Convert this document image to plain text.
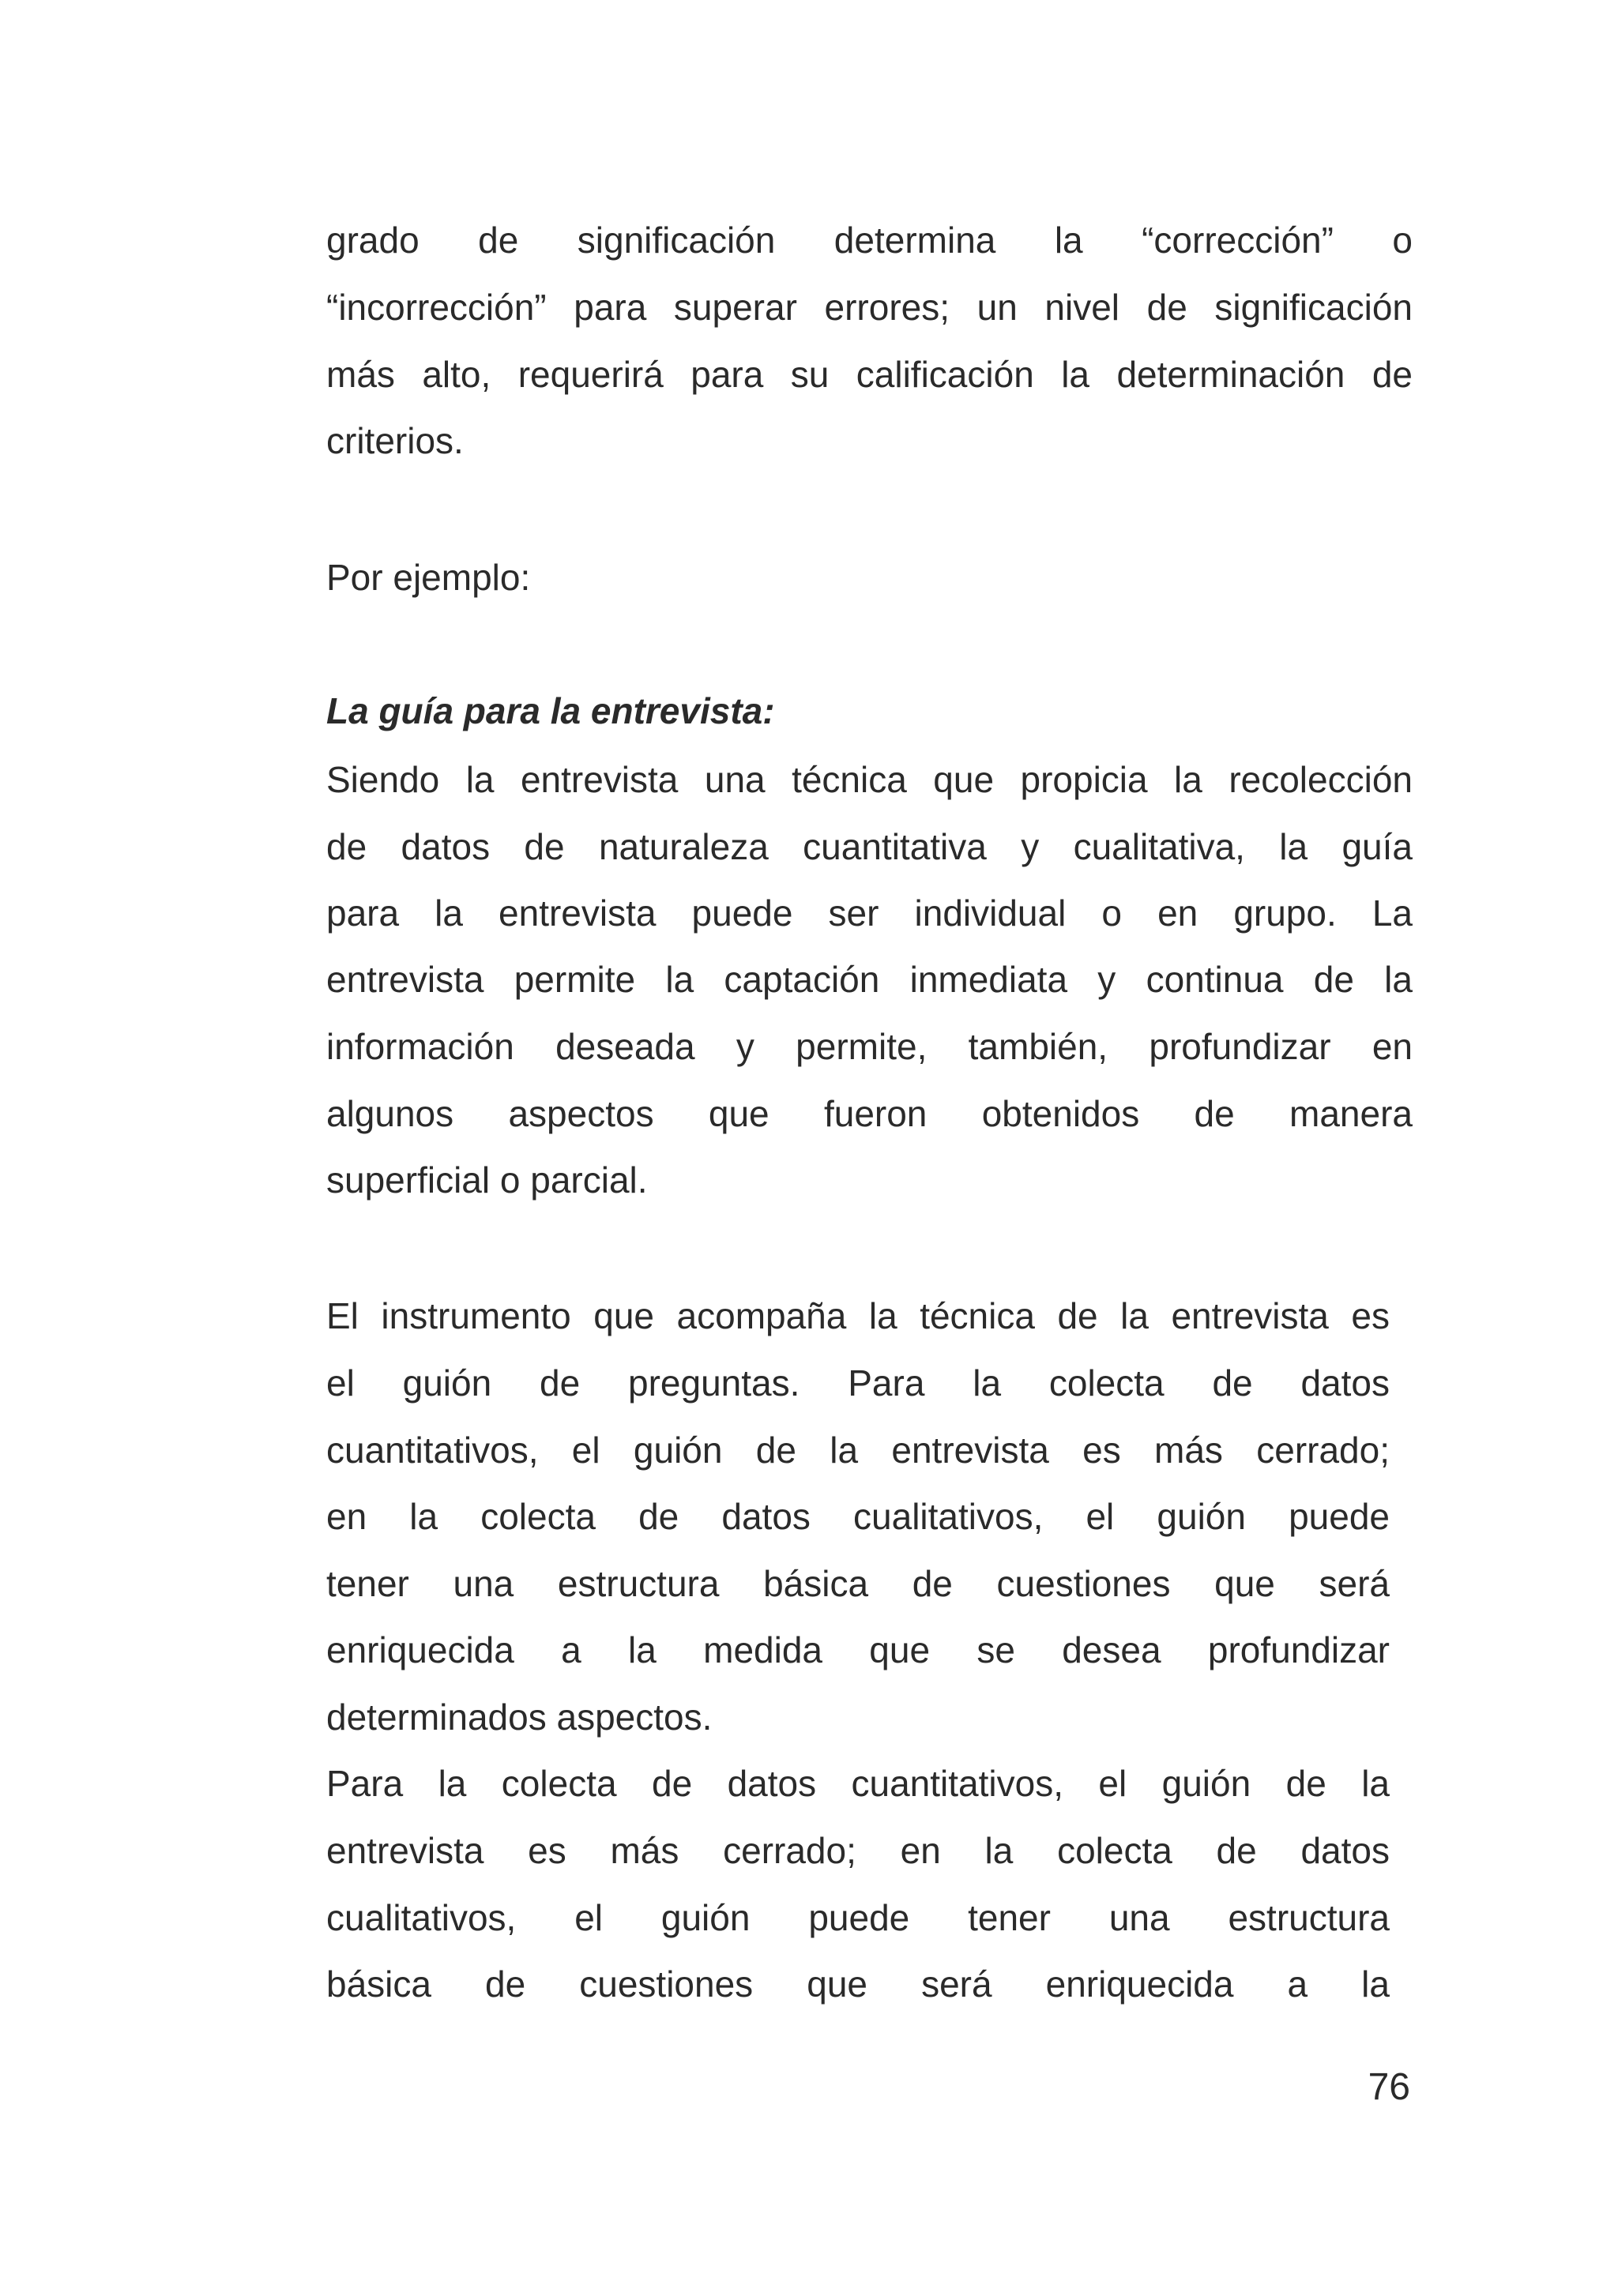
grado de significación determina la “corrección” o
“incorrección” para superar errores; un nivel de significación
más alto, requerirá para su calificación la determinación de
criterios.
Por ejemplo:
La guía para la entrevista:
Siendo la entrevista una técnica que propicia la recolección
de datos de naturaleza cuantitativa y cualitativa, la guía
para la entrevista puede ser individual o en grupo. La
entrevista permite la captación inmediata y continua de la
información deseada y permite, también, profundizar en
algunos aspectos que fueron obtenidos de manera
superficial o parcial.
El instrumento que acompaña la técnica de la entrevista es
el guión de preguntas. Para la colecta de datos
cuantitativos, el guión de la entrevista es más cerrado;
en la colecta de datos cualitativos, el guión puede
tener una estructura básica de cuestiones que será
enriquecida a la medida que se desea profundizar
determinados aspectos.
Para la colecta de datos cuantitativos, el guión de la
entrevista es más cerrado; en la colecta de datos
cualitativos, el guión puede tener una estructura
básica de cuestiones que será enriquecida a la
76
